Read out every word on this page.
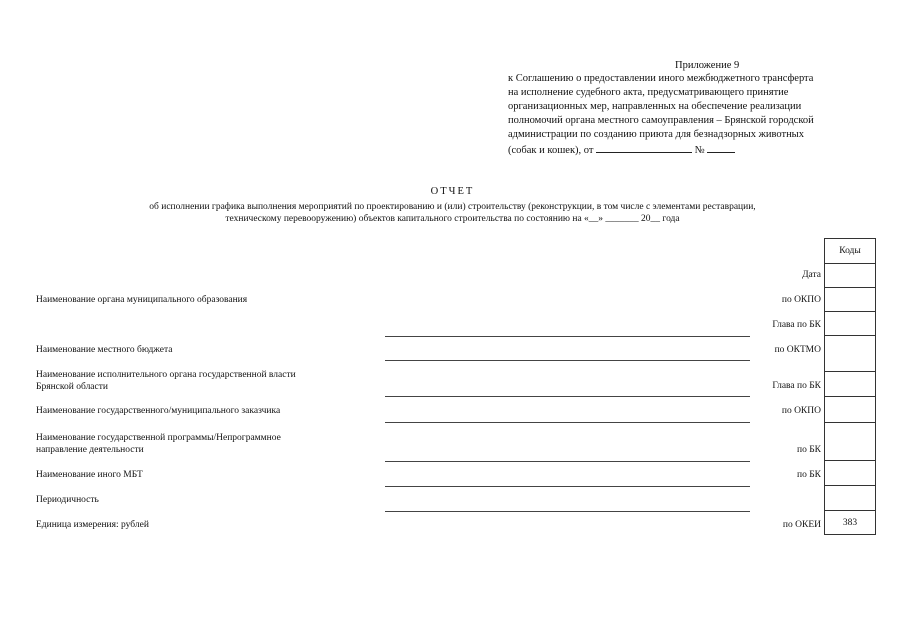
Приложение 9
к Соглашению о предоставлении иного межбюджетного трансферта
на исполнение судебного акта, предусматривающего принятие
организационных мер, направленных на обеспечение реализации
полномочий органа местного самоуправления – Брянской городской
администрации по созданию приюта для безнадзорных животных
(собак и кошек), от	№
ОТЧЕТ
об исполнении графика выполнения мероприятий по проектированию и (или) строительству (реконструкции, в том числе с элементами реставрации,
техническому перевооружению) объектов капитального строительства по состоянию на «__» _______ 20__ года
Наименование органа муниципального образования
Наименование местного бюджета
Наименование исполнительного органа государственной власти
Брянской области
Наименование государственного/муниципального заказчика
Наименование государственной программы/Непрограммное
направление деятельности
Наименование иного МБТ
Периодичность
Единица измерения: рублей
Дата
по ОКПО
Глава по БК
по ОКТМО
Глава по БК
по ОКПО
по БК
по БК
по ОКЕИ
Коды
383
